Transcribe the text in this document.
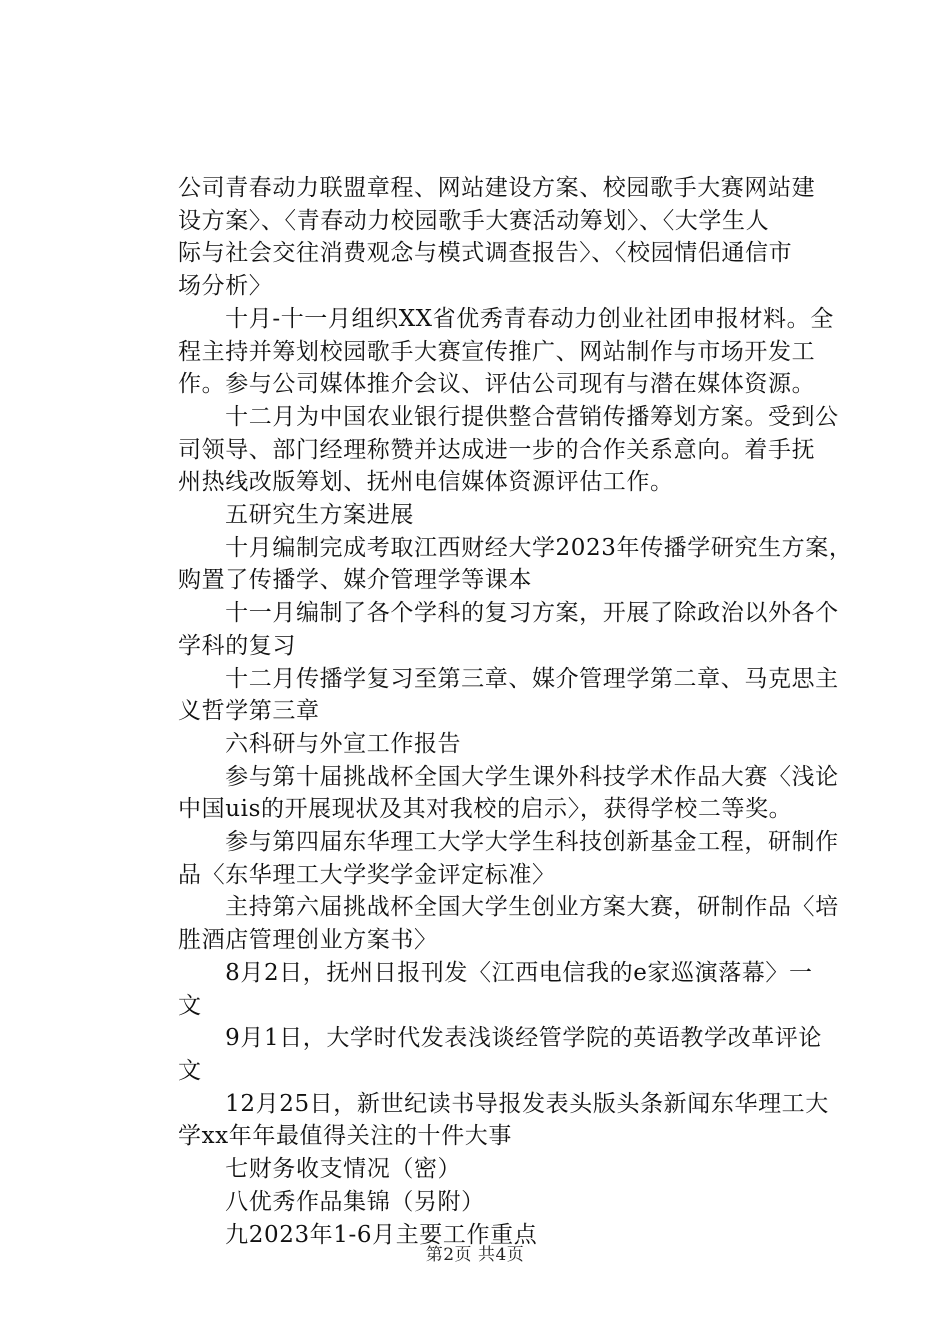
公司青春动力联盟章程、网站建设方案、校园歌手大赛网站建
设方案〉、〈青春动力校园歌手大赛活动筹划〉、〈大学生人
际与社会交往消费观念与模式调查报告〉、〈校园情侣通信市
场分析〉
十月-十一月组织XX省优秀青春动力创业社团申报材料。全
程主持并筹划校园歌手大赛宣传推广、网站制作与市场开发工
作。参与公司媒体推介会议、评估公司现有与潜在媒体资源。
十二月为中国农业银行提供整合营销传播筹划方案。受到公
司领导、部门经理称赞并达成进一步的合作关系意向。着手抚
州热线改版筹划、抚州电信媒体资源评估工作。
五研究生方案进展
十月编制完成考取江西财经大学2023年传播学研究生方案，
购置了传播学、媒介管理学等课本
十一月编制了各个学科的复习方案，开展了除政治以外各个
学科的复习
十二月传播学复习至第三章、媒介管理学第二章、马克思主
义哲学第三章
六科研与外宣工作报告
参与第十届挑战杯全国大学生课外科技学术作品大赛〈浅论
中国uis的开展现状及其对我校的启示〉，获得学校二等奖。
参与第四届东华理工大学大学生科技创新基金工程，研制作
品〈东华理工大学奖学金评定标准〉
主持第六届挑战杯全国大学生创业方案大赛，研制作品〈培
胜酒店管理创业方案书〉
8月2日，抚州日报刊发〈江西电信我的e家巡演落幕〉一
文
9月1日，大学时代发表浅谈经管学院的英语教学改革评论
文
12月25日，新世纪读书导报发表头版头条新闻东华理工大
学xx年年最值得关注的十件大事
七财务收支情况（密）
八优秀作品集锦（另附）
九2023年1-6月主要工作重点
第2页 共4页
